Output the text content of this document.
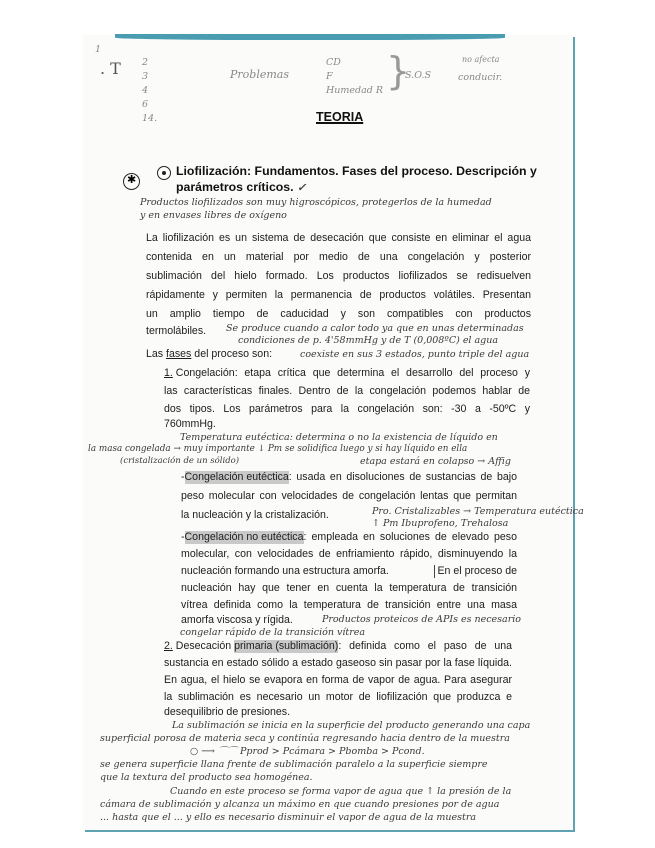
1
. T 2
3
4
6
14.
Problemas
CD
F
Humedad R }
S.O.S
no afecta
conducir.
TEORIA
✱
Liofilización: Fundamentos. Fases del proceso. Descripción y
parámetros críticos. ✓
Productos liofilizados son muy higroscópicos, protegerlos de la humedad
y en envases libres de oxígeno
La liofilización es un sistema de desecación que consiste en eliminar el agua
contenida en un material por medio de una congelación y posterior
sublimación del hielo formado. Los productos liofilizados se redisuelven
rápidamente y permiten la permanencia de productos volátiles. Presentan
un amplio tiempo de caducidad y son compatibles con productos
termolábiles. Se produce cuando a calor todo ya que en unas determinadas
condiciones de p. 4'58mmHg y de T (0,008ºC) el agua
Las fases del proceso son:	coexiste en sus 3 estados, punto triple del agua
1.
Congelación : etapa crítica que determina el desarrollo del proceso y
las características finales. Dentro de la congelación podemos hablar de
dos tipos. Los parámetros para la congelación son: -30 a -50ºC y
760mmHg.
Temperatura eutéctica: determina o no la existencia de líquido en
la masa congelada → muy importante ↓ Pm se solidifica luego y si hay líquido en ella
(cristalización de un sólido)	etapa estará en colapso → Affig
- Congelación eutéctica : usada en disoluciones de sustancias de bajo
peso molecular con velocidades de congelación lentas que permitan
la nucleación y la cristalización.	Pro. Cristalizables → Temperatura eutéctica
↑ Pm Ibuprofeno, Trehalosa
- Congelación no eutéctica : empleada en soluciones de elevado peso
molecular, con velocidades de enfriamiento rápido, disminuyendo la
nucleación formando una estructura amorfa.	En el proceso de
nucleación hay que tener en cuenta la temperatura de transición
vítrea definida como la temperatura de transición entre una masa
amorfa viscosa y rígida.	Productos proteicos de APIs es necesario
congelar rápido de la transición vítrea
2.
Desecación
primaria (sublimación) : definida como el paso de una
sustancia en estado sólido a estado gaseoso sin pasar por la fase líquida.
En agua, el hielo se evapora en forma de vapor de agua. Para asegurar
la sublimación es necesario un motor de liofilización que produzca e
desequilibrio de presiones.
La sublimación se inicia en la superficie del producto generando una capa
superficial porosa de materia seca y continúa regresando hacia dentro de la muestra
○ ⟶ ⌒⌒ Pprod > Pcámara > Pbomba > Pcond.
se genera superficie llana frente de sublimación paralelo a la superficie siempre
que la textura del producto sea homogénea.
Cuando en este proceso se forma vapor de agua que ↑ la presión de la
cámara de sublimación y alcanza un máximo en que cuando presiones por de agua
... hasta que el ... y ello es necesario disminuir el vapor de agua de la muestra
